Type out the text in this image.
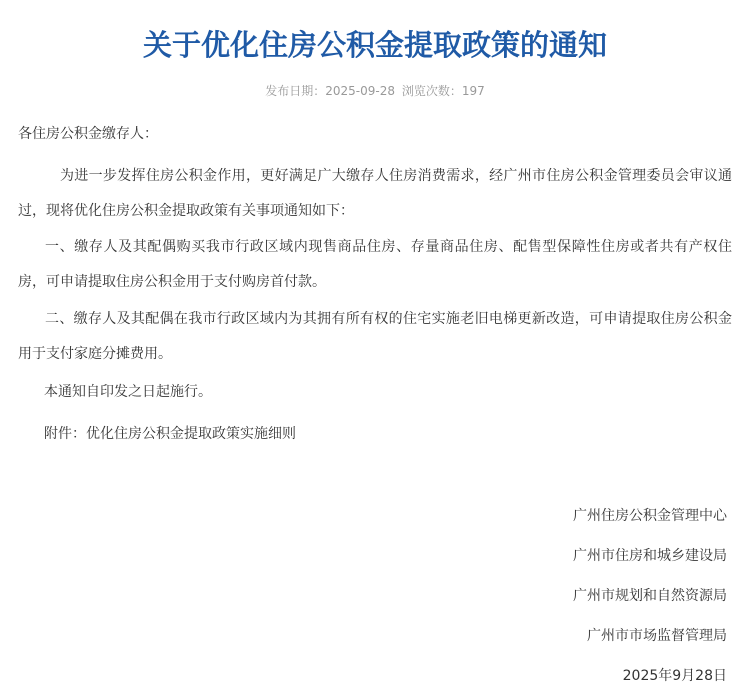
关于优化住房公积金提取政策的通知
发布日期：2025-09-28 浏览次数：197

各住房公积金缴存人：

为进一步发挥住房公积金作用，更好满足广大缴存人住房消费需求，经广州市住房公积金管理委员会审议通
过，现将优化住房公积金提取政策有关事项通知如下：

一、缴存人及其配偶购买我市行政区域内现售商品住房、存量商品住房、配售型保障性住房或者共有产权住
房，可申请提取住房公积金用于支付购房首付款。

二、缴存人及其配偶在我市行政区域内为其拥有所有权的住宅实施老旧电梯更新改造，可申请提取住房公积金
用于支付家庭分摊费用。

本通知自印发之日起施行。

附件：优化住房公积金提取政策实施细则

广州住房公积金管理中心
广州市住房和城乡建设局
广州市规划和自然资源局
广州市市场监督管理局
2025年9月28日
